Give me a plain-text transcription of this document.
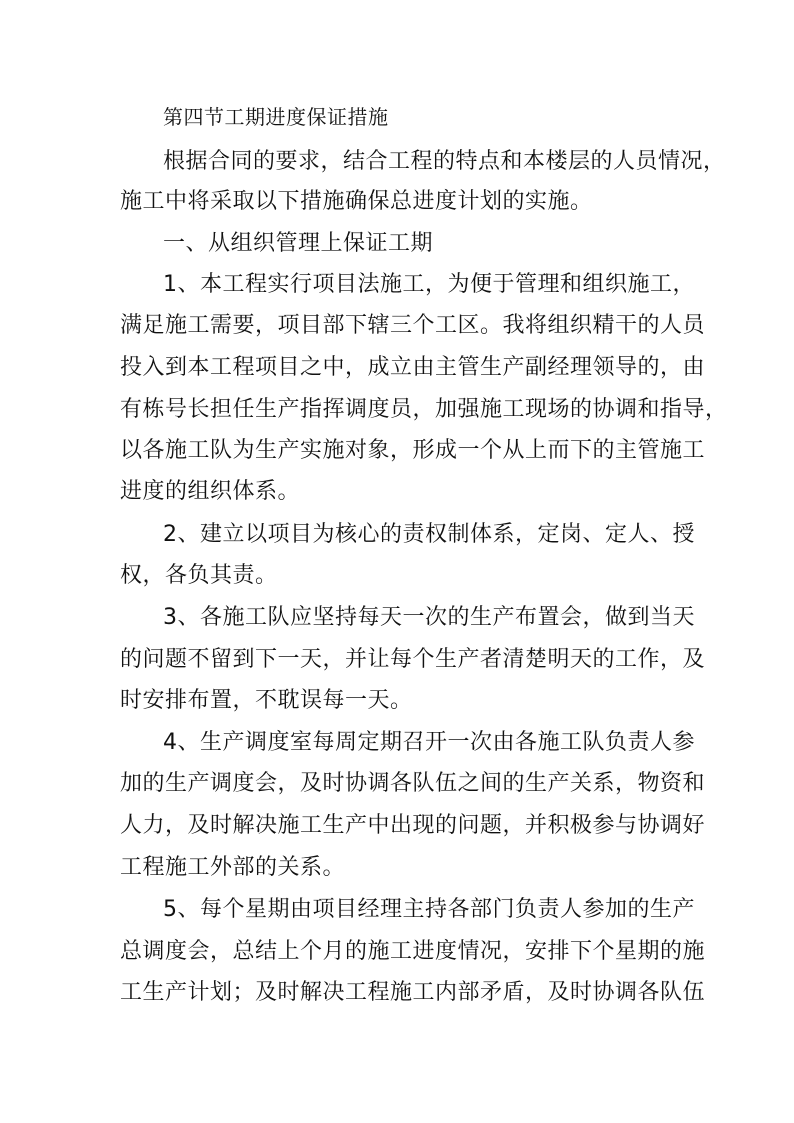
第四节工期进度保证措施
根据合同的要求，结合工程的特点和本楼层的人员情况，
施工中将采取以下措施确保总进度计划的实施。
一、从组织管理上保证工期
1、本工程实行项目法施工，为便于管理和组织施工，
满足施工需要，项目部下辖三个工区。我将组织精干的人员
投入到本工程项目之中，成立由主管生产副经理领导的，由
有栋号长担任生产指挥调度员，加强施工现场的协调和指导，
以各施工队为生产实施对象，形成一个从上而下的主管施工
进度的组织体系。
2、建立以项目为核心的责权制体系，定岗、定人、授
权，各负其责。
3、各施工队应坚持每天一次的生产布置会，做到当天
的问题不留到下一天，并让每个生产者清楚明天的工作，及
时安排布置，不耽误每一天。
4、生产调度室每周定期召开一次由各施工队负责人参
加的生产调度会，及时协调各队伍之间的生产关系，物资和
人力，及时解决施工生产中出现的问题，并积极参与协调好
工程施工外部的关系。
5、每个星期由项目经理主持各部门负责人参加的生产
总调度会，总结上个月的施工进度情况，安排下个星期的施
工生产计划；及时解决工程施工内部矛盾，及时协调各队伍
